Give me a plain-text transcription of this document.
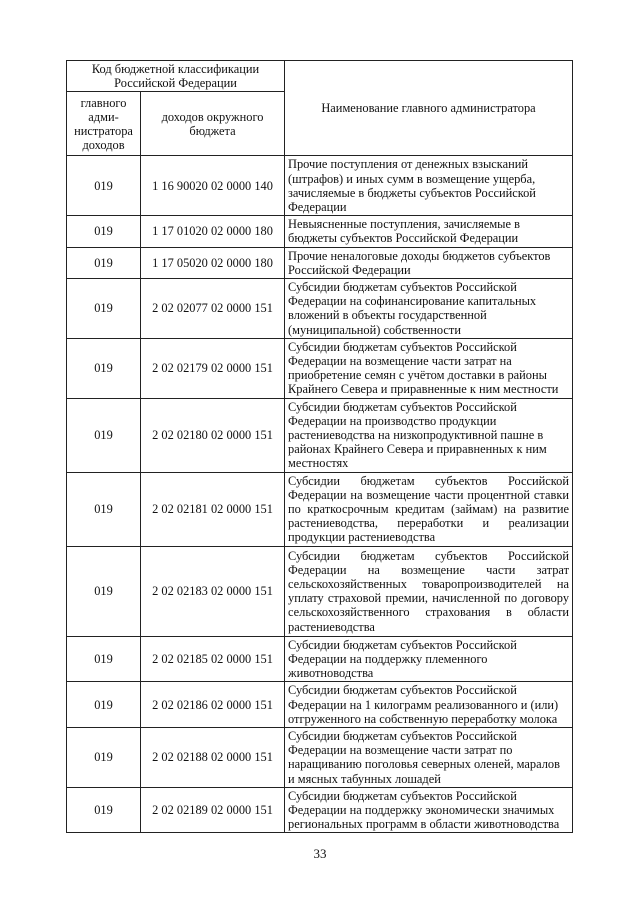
Код бюджетной классификации Российской Федерации		Наименование главного администратора
главного адми-нистратора доходов	доходов окружного бюджета	
019	1 16 90020 02 0000 140	Прочие поступления от денежных взысканий (штрафов) и иных сумм в возмещение ущерба, зачисляемые в бюджеты субъектов Российской Федерации
019	1 17 01020 02 0000 180	Невыясненные поступления, зачисляемые в бюджеты субъектов Российской Федерации
019	1 17 05020 02 0000 180	Прочие неналоговые доходы бюджетов субъектов Российской Федерации
019	2 02 02077 02 0000 151	Субсидии бюджетам субъектов Российской Федерации на софинансирование капитальных вложений в объекты государственной (муниципальной) собственности
019	2 02 02179 02 0000 151	Субсидии бюджетам субъектов Российской Федерации на возмещение части затрат на приобретение семян с учётом доставки в районы Крайнего Севера и приравненные к ним местности
019	2 02 02180 02 0000 151	Субсидии бюджетам субъектов Российской Федерации на производство продукции растениеводства на низкопродуктивной пашне в районах Крайнего Севера и приравненных к ним местностях
019	2 02 02181 02 0000 151	Субсидии бюджетам субъектов Российской Федерации на возмещение части процентной ставки по краткосрочным кредитам (займам) на развитие растениеводства, переработки и реализации продукции растениеводства
019	2 02 02183 02 0000 151	Субсидии бюджетам субъектов Российской Федерации на возмещение части затрат сельскохозяйственных товаропроизводителей на уплату страховой премии, начисленной по договору сельскохозяйственного страхования в области растениеводства
019	2 02 02185 02 0000 151	Субсидии бюджетам субъектов Российской Федерации на поддержку племенного животноводства
019	2 02 02186 02 0000 151	Субсидии бюджетам субъектов Российской Федерации на 1 килограмм реализованного и (или) отгруженного на собственную переработку молока
019	2 02 02188 02 0000 151	Субсидии бюджетам субъектов Российской Федерации на возмещение части затрат по наращиванию поголовья северных оленей, маралов и мясных табунных лошадей
019	2 02 02189 02 0000 151	Субсидии бюджетам субъектов Российской Федерации на поддержку экономически значимых региональных программ в области животноводства
33
